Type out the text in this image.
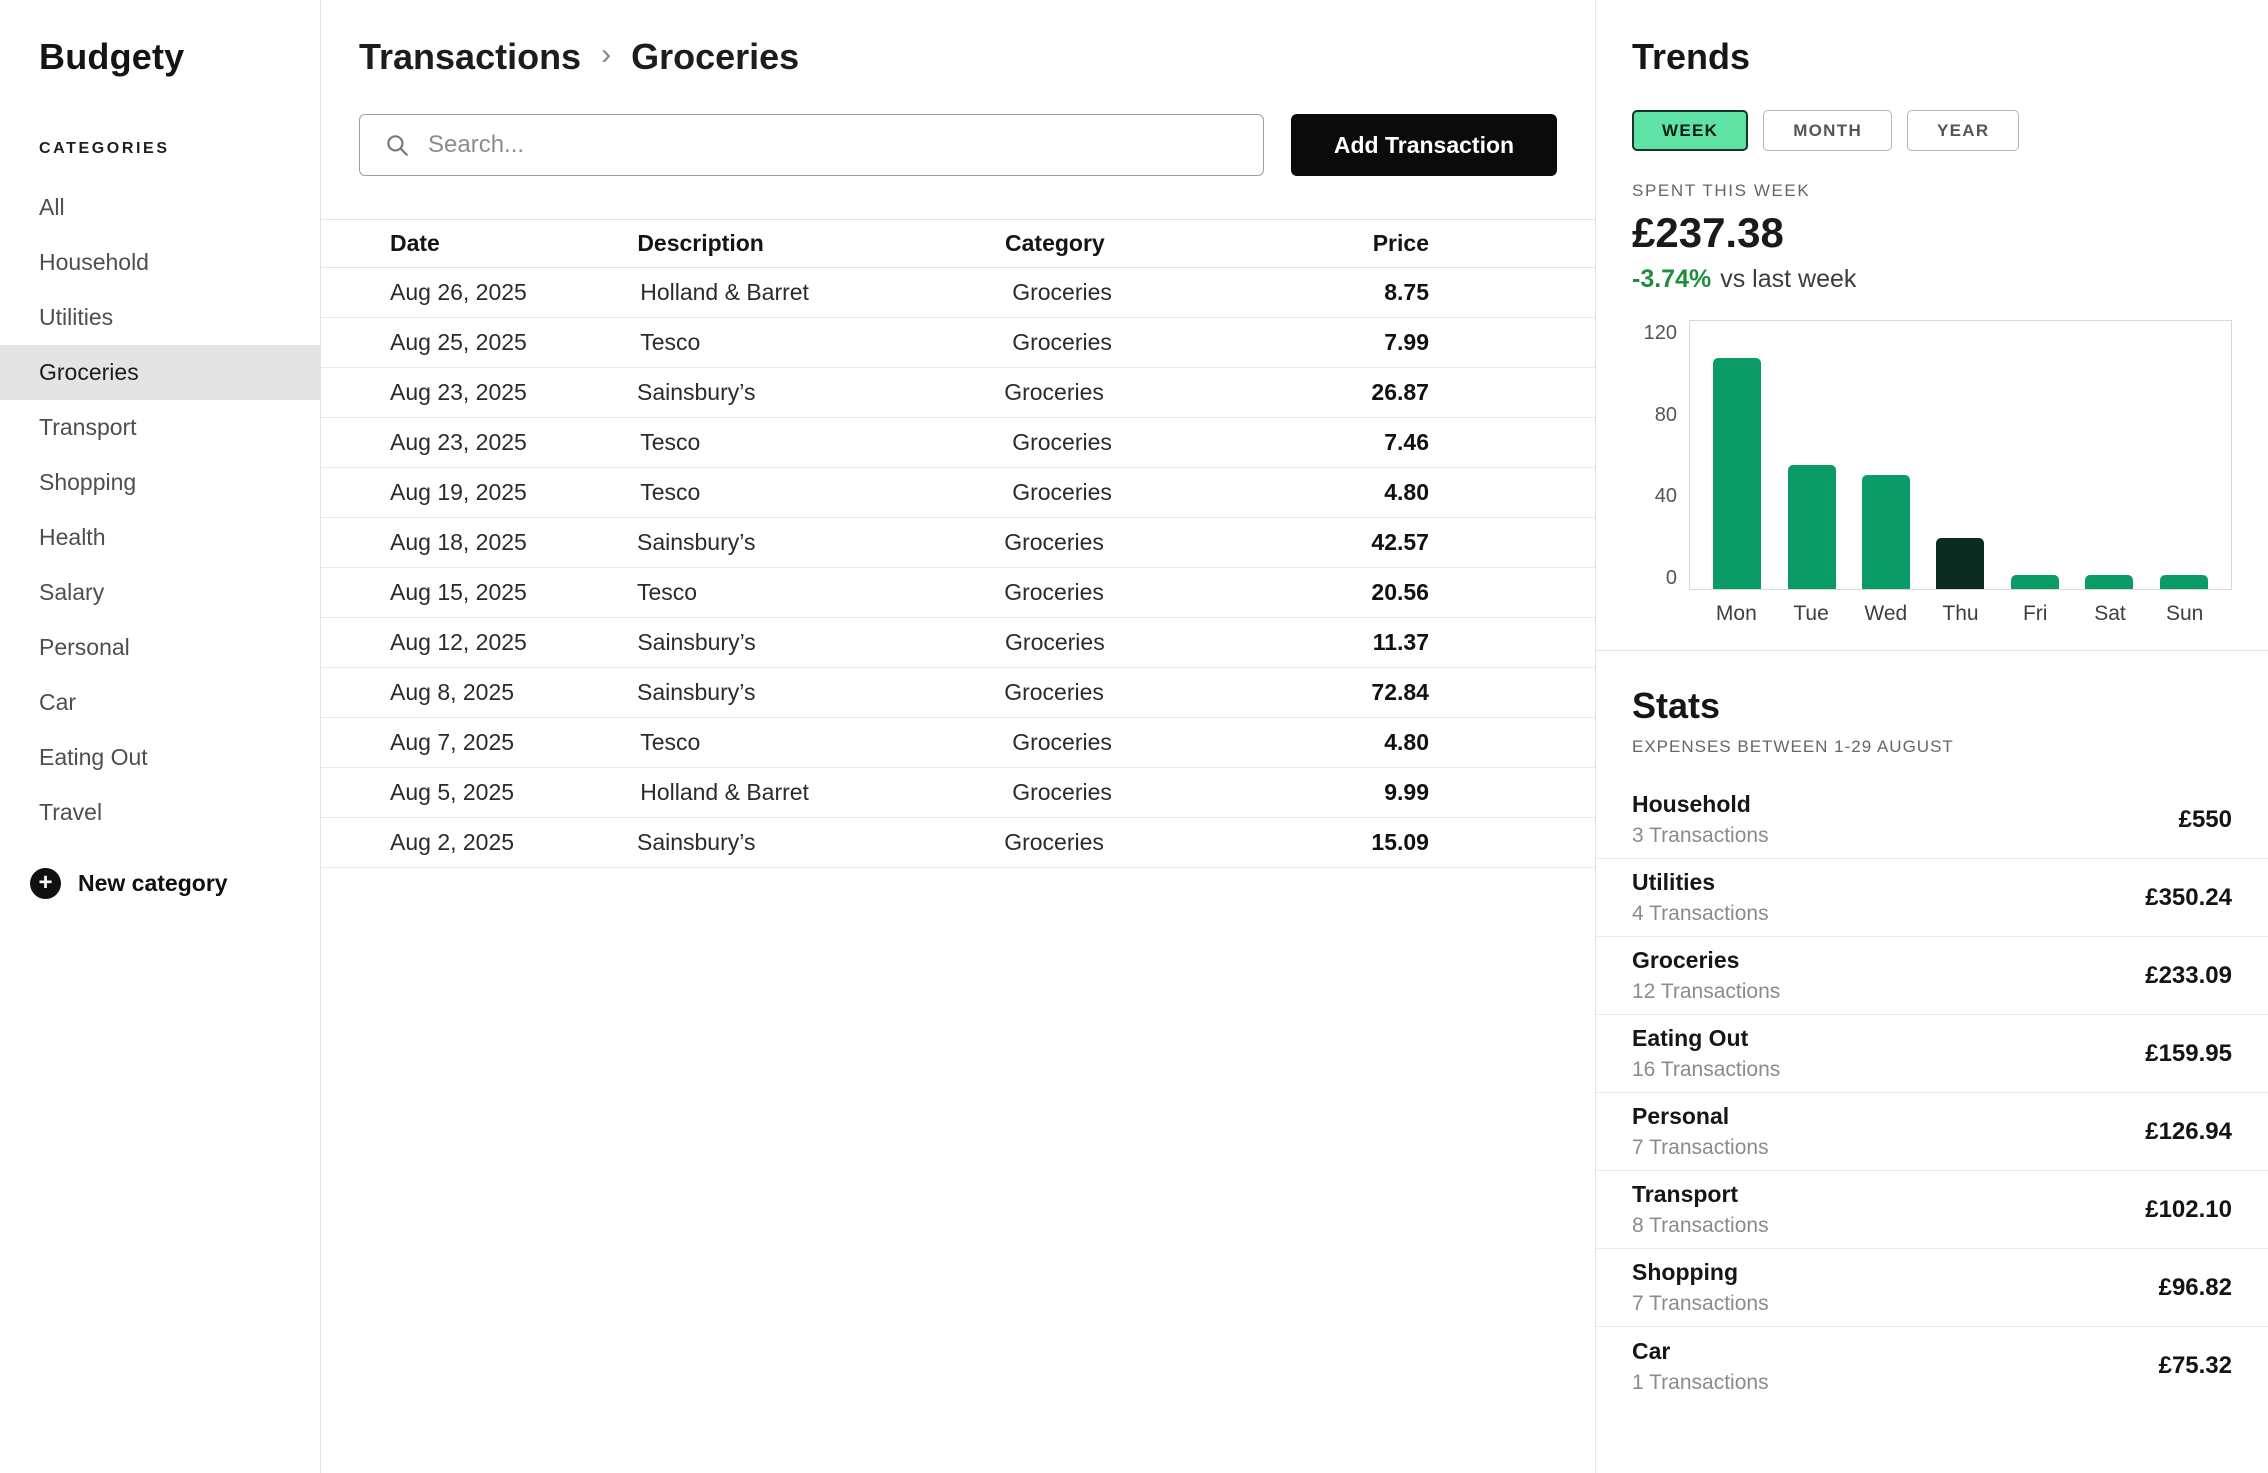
Budgety
CATEGORIES
All
Household
Utilities
Groceries
Transport
Shopping
Health
Salary
Personal
Car
Eating Out
Travel
+	New category
Transactions › Groceries
Search...
Add Transaction
Date	Description	Category	Price
Aug 26, 2025	Holland & Barret	Groceries	8.75
Aug 25, 2025	Tesco	Groceries	7.99
Aug 23, 2025	Sainsbury’s	Groceries	26.87
Aug 23, 2025	Tesco	Groceries	7.46
Aug 19, 2025	Tesco	Groceries	4.80
Aug 18, 2025	Sainsbury’s	Groceries	42.57
Aug 15, 2025	Tesco	Groceries	20.56
Aug 12, 2025	Sainsbury’s	Groceries	11.37
Aug 8, 2025	Sainsbury’s	Groceries	72.84
Aug 7, 2025	Tesco	Groceries	4.80
Aug 5, 2025	Holland & Barret	Groceries	9.99
Aug 2, 2025	Sainsbury’s	Groceries	15.09
Trends
WEEK	MONTH	YEAR
SPENT THIS WEEK
£237.38
-3.74% vs last week
0
40
80
120
Mon	Tue	Wed	Thu	Fri	Sat	Sun
Stats
EXPENSES BETWEEN 1-29 AUGUST
Household
3 Transactions
£550
Utilities
4 Transactions
£350.24
Groceries
12 Transactions
£233.09
Eating Out
16 Transactions
£159.95
Personal
7 Transactions
£126.94
Transport
8 Transactions
£102.10
Shopping
7 Transactions
£96.82
Car
1 Transactions
£75.32
